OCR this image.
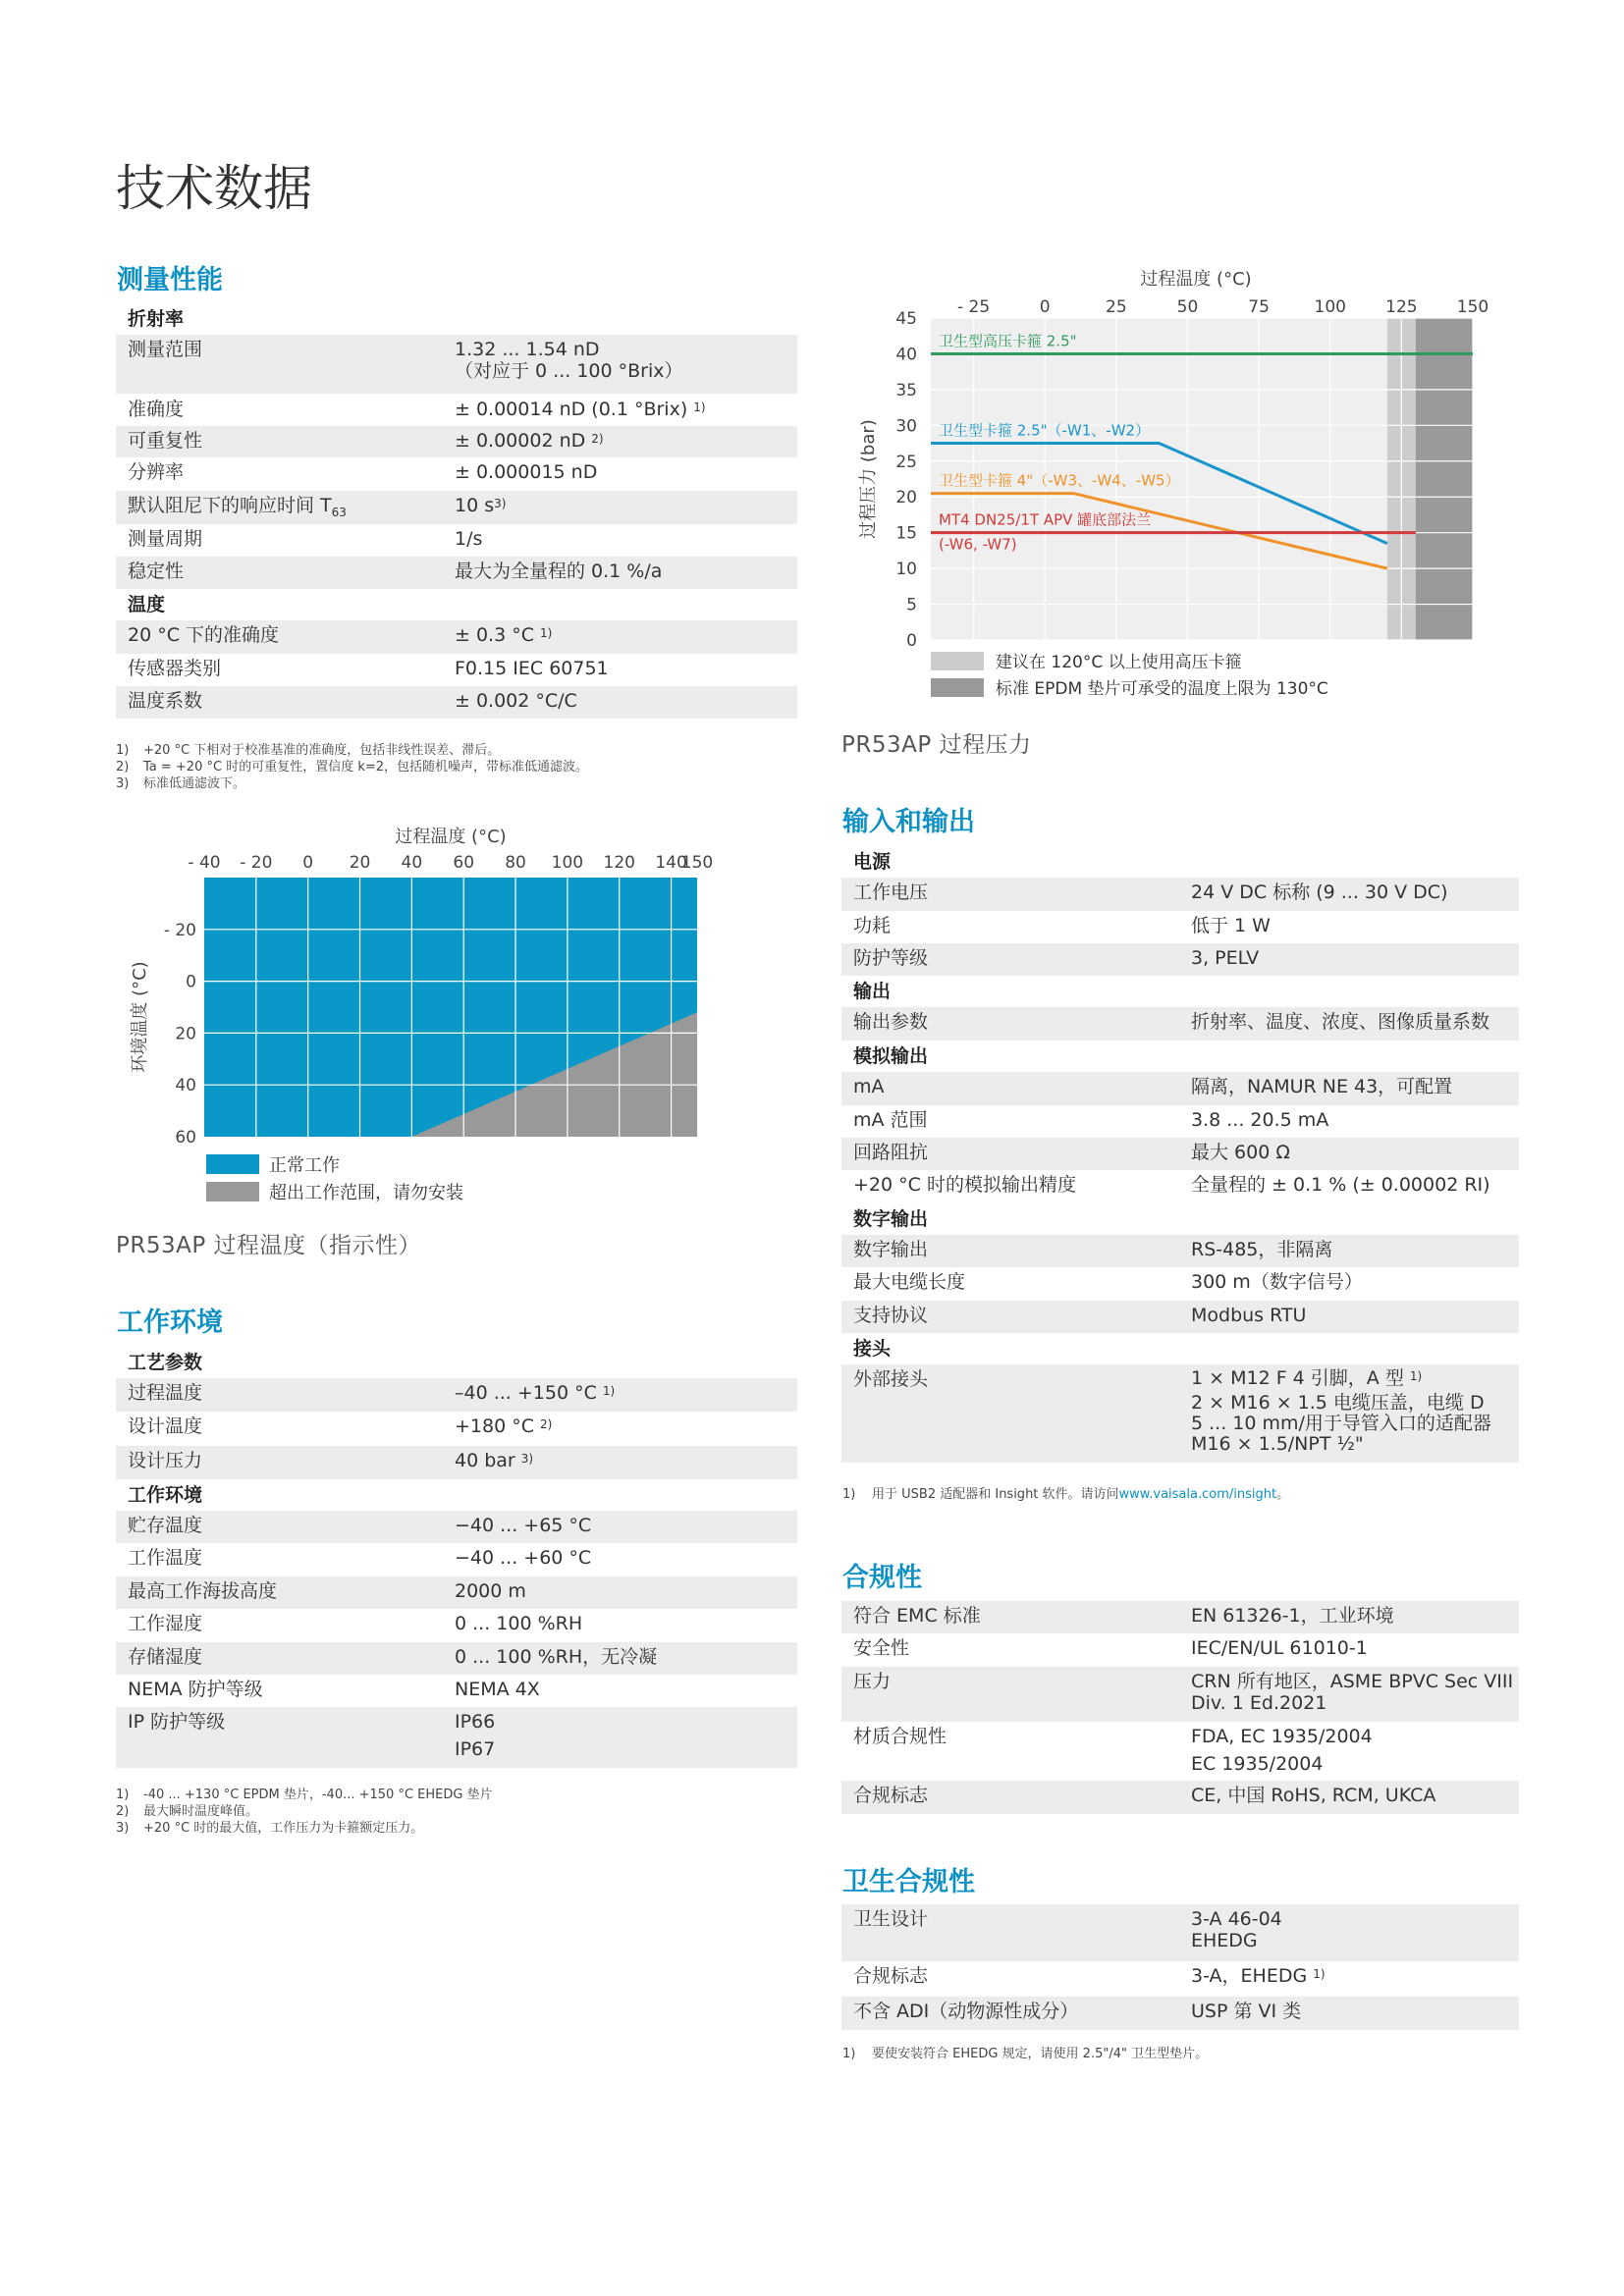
技术数据
测量性能
折射率
测量范围	1.32 ... 1.54 nD
（对应于 0 ... 100 °Brix）
准确度	± 0.00014 nD (0.1 °Brix) $^{1)}$
可重复性	± 0.00002 nD $^{2)}$
分辨率	± 0.000015 nD
默认阻尼下的响应时间 $T_{63}$	10 $s^{3)}$
测量周期	1/s
稳定性	最大为全量程的 0.1 %/a
温度
20 °C 下的准确度	± 0.3 °C $^{1)}$
传感器类别	F0.15 IEC 60751
温度系数	± 0.002 °C/C
1)	+20 °C 下相对于校准基准的准确度，包括非线性误差、滞后。
2)	Ta = +20 °C 时的可重复性，置信度 k=2，包括随机噪声，带标准低通滤波。
3)	标准低通滤波下。
过程温度 (°C)
- 40 - 20 0 20 40 60 80 100 120 140
150
- 20
0
20
40
60
环境温度 (°C)
正常工作
超出工作范围，请勿安装
PR53AP 过程温度（指示性）
工作环境
工艺参数
过程温度	–40 ... +150 °C $^{1)}$
设计温度	+180 °C $^{2)}$
设计压力	40 bar $^{3)}$
工作环境
贮存温度	−40 ... +65 °C
工作温度	−40 ... +60 °C
最高工作海拔高度	2000 m
工作湿度	0 ... 100 %RH
存储湿度	0 ... 100 %RH，无冷凝
NEMA 防护等级	NEMA 4X
IP 防护等级	IP66
IP67
1)	-40 ... +130 °C EPDM 垫片，-40... +150 °C EHEDG 垫片
2)	最大瞬时温度峰值。
3)	+20 °C 时的最大值，工作压力为卡箍额定压力。
过程温度 (°C)
- 25	0	25	50	75	100 125 150
0
5
10
15
20
25
30
35
40
45
过程压力 (bar)
卫生型高压卡箍 2.5"
卫生型卡箍 2.5"（-W1、-W2）
卫生型卡箍 4"（-W3、-W4、-W5）
MT4 DN25/1T APV 罐底部法兰
(-W6, -W7)
建议在 120°C 以上使用高压卡箍
标准 EPDM 垫片可承受的温度上限为 130°C
PR53AP 过程压力
输入和输出
电源
工作电压	24 V DC 标称 (9 ... 30 V DC)
功耗	低于 1 W
防护等级	3, PELV
输出
输出参数	折射率、温度、浓度、图像质量系数
模拟输出
mA	隔离，NAMUR NE 43，可配置
mA 范围	3.8 ... 20.5 mA
回路阻抗	最大 600 Ω
+20 °C 时的模拟输出精度	全量程的 ± 0.1 % (± 0.00002 RI)
数字输出
数字输出	RS-485，非隔离
最大电缆长度	300 m（数字信号）
支持协议	Modbus RTU
接头
外部接头	1 × M12 F 4 引脚，A 型 $^{1)}$
2 × M16 × 1.5 电缆压盖，电缆 D
5 ... 10 mm/用于导管入口的适配器
M16 × 1.5/NPT ½"
1)	用于 USB2 适配器和 Insight 软件。请访问 www.vaisala.com/insight 。
合规性
符合 EMC 标准	EN 61326-1，工业环境
安全性	IEC/EN/UL 61010-1
压力	CRN 所有地区，ASME BPVC Sec VIII
Div. 1 Ed.2021
材质合规性	FDA, EC 1935/2004
EC 1935/2004
合规标志	CE, 中国 RoHS, RCM, UKCA
卫生合规性
卫生设计	3-A 46-04
EHEDG
合规标志	3-A，EHEDG $^{1)}$
不含 ADI（动物源性成分）	USP 第 VI 类
1)	要使安装符合 EHEDG 规定，请使用 2.5"/4" 卫生型垫片。
